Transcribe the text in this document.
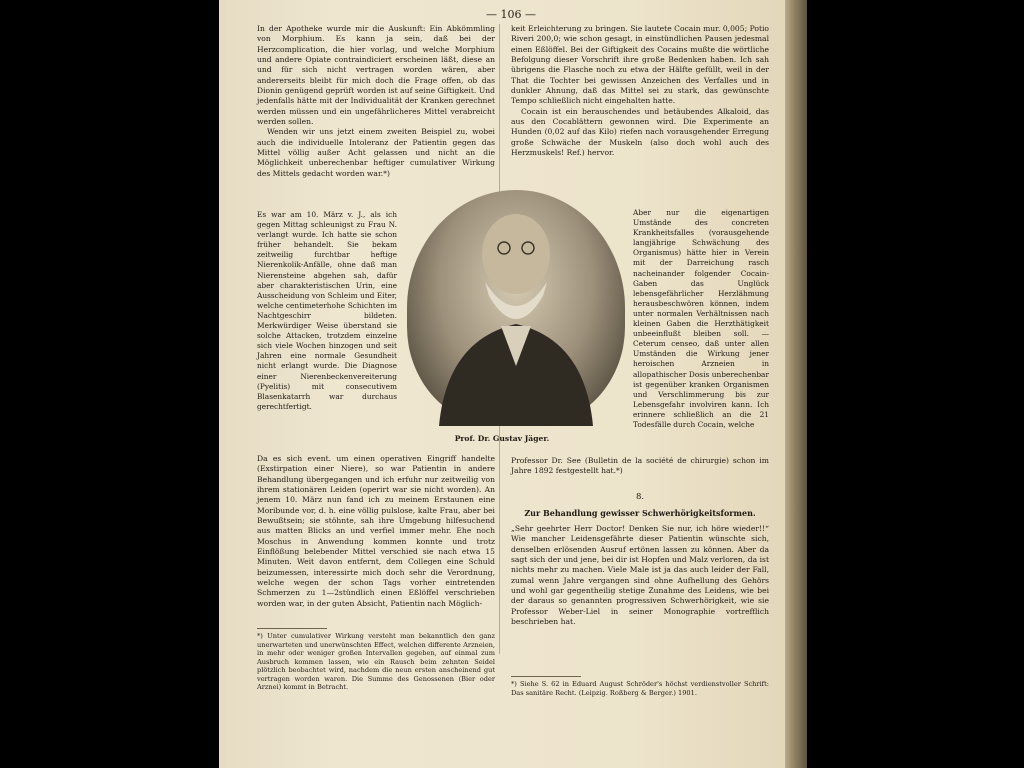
— 106 —

In der Apotheke wurde mir die Auskunft: Ein Abkömmling von Morphium. Es kann ja sein, daß bei der Herzcomplication, die hier vorlag, und welche Morphium und andere Opiate contraindiciert erscheinen läßt, diese an und für sich nicht vertragen worden wären, aber andererseits bleibt für mich doch die Frage offen, ob das Dionin genügend geprüft worden ist auf seine Giftigkeit. Und jedenfalls hätte mit der Individualität der Kranken gerechnet werden müssen und ein ungefährlicheres Mittel verabreicht werden sollen.

Wenden wir uns jetzt einem zweiten Beispiel zu, wobei auch die individuelle Intoleranz der Patientin gegen das Mittel völlig außer Acht gelassen und nicht an die Möglichkeit unberechenbar heftiger cumulativer Wirkung des Mittels gedacht worden war.*)

Es war am 10. März v. J., als ich gegen Mittag schleunigst zu Frau N. verlangt wurde. Ich hatte sie schon früher behandelt. Sie bekam zeitweilig furchtbar heftige Nierenkolik-Anfälle, ohne daß man Nierensteine abgehen sah, dafür aber charakteristischen Urin, eine Ausscheidung von Schleim und Eiter, welche centimeterhohe Schichten im Nachtgeschirr bildeten. Merkwürdiger Weise überstand sie solche Attacken, trotzdem einzelne sich viele Wochen hinzogen und seit Jahren eine normale Gesundheit nicht erlangt wurde. Die Diagnose einer Nierenbeckenvereiterung (Pyelitis) mit consecutivem Blasenkatarrh war durchaus gerechtfertigt.
Da es sich event. um einen operativen Eingriff handelte (Exstirpation einer Niere), so war Patientin in andere Behandlung übergegangen und ich erfuhr nur zeitweilig von ihrem stationären Leiden (operirt war sie nicht worden). An jenem 10. März nun fand ich zu meinem Erstaunen eine Moribunde vor, d. h. eine völlig pulslose, kalte Frau, aber bei Bewußtsein; sie stöhnte, sah ihre Umgebung hilfesuchend aus matten Blicks an und verfiel immer mehr. Ehe noch Moschus in Anwendung kommen konnte und trotz Einflößung belebender Mittel verschied sie nach etwa 15 Minuten. Weit davon entfernt, dem Collegen eine Schuld beizumessen, interessirte mich doch sehr die Verordnung, welche wegen der schon Tags vorher eintretenden Schmerzen zu 1—2stündlich einen Eßlöffel verschrieben worden war, in der guten Absicht, Patientin nach Möglich-
Prof. Dr. Gustav Jäger.

keit Erleichterung zu bringen. Sie lautete Cocain mur. 0,005; Potio Riveri 200,0; wie schon gesagt, in einstündlichen Pausen jedesmal einen Eßlöffel. Bei der Giftigkeit des Cocains mußte die wörtliche Befolgung dieser Vorschrift ihre große Bedenken haben. Ich sah übrigens die Flasche noch zu etwa der Hälfte gefüllt, weil in der That die Tochter bei gewissen Anzeichen des Verfalles und in dunkler Ahnung, daß das Mittel sei zu stark, das gewünschte Tempo schließlich nicht eingehalten hatte.

Cocain ist ein berauschendes und betäubendes Alkaloid, das aus den Cocablättern gewonnen wird. Die Experimente an Hunden (0,02 auf das Kilo) riefen nach vorausgehender Erregung große Schwäche der Muskeln (also doch wohl auch des Herzmuskels! Ref.) hervor.

Aber nur die eigenartigen Umstände des concreten Krankheitsfalles (vorausgehende langjährige Schwächung des Organismus) hätte hier in Verein mit der Darreichung rasch nacheinander folgender Cocain-Gaben das Unglück lebensgefährlicher Herzlähmung herausbeschwören können, indem unter normalen Verhältnissen nach kleinen Gaben die Herzthätigkeit unbeeinflußt bleiben soll. — Ceterum censeo, daß unter allen Umständen die Wirkung jener heroischen Arzneien in allopathischer Dosis unberechenbar ist gegenüber kranken Organismen und Verschlimmerung bis zur Lebensgefahr involviren kann. Ich erinnere schließlich an die 21 Todesfälle durch Cocain, welche
Professor Dr. See (Bulletin de la société de chirurgie) schon im Jahre 1892 festgestellt hat.*)
8.
Zur Behandlung gewisser Schwerhörigkeitsformen.
„Sehr geehrter Herr Doctor! Denken Sie nur, ich höre wieder!!“ Wie mancher Leidensgefährte dieser Patientin wünschte sich, denselben erlösenden Ausruf ertönen lassen zu können. Aber da sagt sich der und jene, bei dir ist Hopfen und Malz verloren, da ist nichts mehr zu machen. Viele Male ist ja das auch leider der Fall, zumal wenn Jahre vergangen sind ohne Aufhellung des Gehörs und wohl gar gegentheilig stetige Zunahme des Leidens, wie bei der daraus so genannten progressiven Schwerhörigkeit, wie sie Professor Weber-Liel in seiner Monographie vortrefflich beschrieben hat.
*) Unter cumulativer Wirkung versteht man bekanntlich den ganz unerwarteten und unerwünschten Effect, welchen differente Arzneien, in mehr oder weniger großen Intervallen gegeben, auf einmal zum Ausbruch kommen lassen, wie ein Rausch beim zehnten Seidel plötzlich beobachtet wird, nachdem die neun ersten anscheinend gut vertragen worden waren. Die Summe des Genossenen (Bier oder Arznei) kommt in Betracht.	*) Siehe S. 62 in Eduard August Schröder's höchst verdienstvoller Schrift: Das sanitäre Recht. (Leipzig. Roßberg & Berger.) 1901.
